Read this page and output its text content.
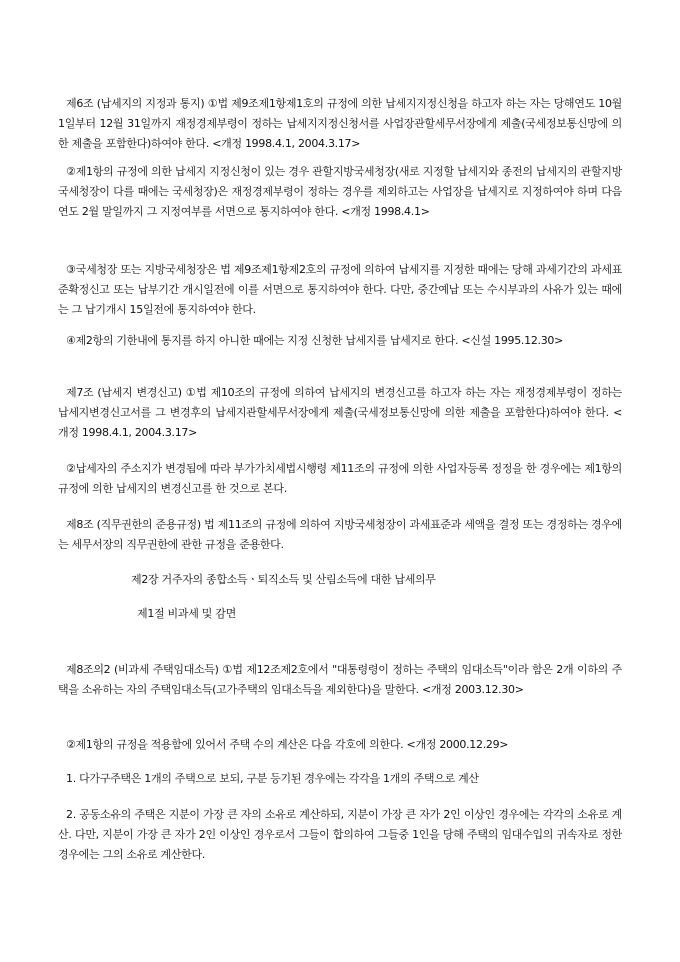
제6조 (납세지의 지정과 통지) ①법 제9조제1항제1호의 규정에 의한 납세지지정신청을 하고자 하는 자는 당해연도 10월 1일부터 12월 31일까지 재정경제부령이 정하는 납세지지정신청서를 사업장관할세무서장에게 제출(국세정보통신망에 의한 제출을 포함한다)하여야 한다. <개정 1998.4.1, 2004.3.17>

②제1항의 규정에 의한 납세지 지정신청이 있는 경우 관할지방국세청장(새로 지정할 납세지와 종전의 납세지의 관할지방국세청장이 다를 때에는 국세청장)은 재정경제부령이 정하는 경우를 제외하고는 사업장을 납세지로 지정하여야 하며 다음연도 2월 말일까지 그 지정여부를 서면으로 통지하여야 한다. <개정 1998.4.1>

③국세청장 또는 지방국세청장은 법 제9조제1항제2호의 규정에 의하여 납세지를 지정한 때에는 당해 과세기간의 과세표준확정신고 또는 납부기간 개시일전에 이를 서면으로 통지하여야 한다. 다만, 중간예납 또는 수시부과의 사유가 있는 때에는 그 납기개시 15일전에 통지하여야 한다.

④제2항의 기한내에 통지를 하지 아니한 때에는 지정 신청한 납세지를 납세지로 한다. <신설 1995.12.30>

제7조 (납세지 변경신고) ①법 제10조의 규정에 의하여 납세지의 변경신고를 하고자 하는 자는 재정경제부령이 정하는 납세지변경신고서를 그 변경후의 납세지관할세무서장에게 제출(국세정보통신망에 의한 제출을 포함한다)하여야 한다. <개정 1998.4.1, 2004.3.17>

②납세자의 주소지가 변경됨에 따라 부가가치세법시행령 제11조의 규정에 의한 사업자등록 정정을 한 경우에는 제1항의 규정에 의한 납세지의 변경신고를 한 것으로 본다.

제8조 (직무권한의 준용규정) 법 제11조의 규정에 의하여 지방국세청장이 과세표준과 세액을 결정 또는 경정하는 경우에는 세무서장의 직무권한에 관한 규정을 준용한다.

제2장 거주자의 종합소득ㆍ퇴직소득 및 산림소득에 대한 납세의무
제1절 비과세 및 감면

제8조의2 (비과세 주택임대소득) ①법 제12조제2호에서 "대통령령이 정하는 주택의 임대소득"이라 함은 2개 이하의 주택을 소유하는 자의 주택임대소득(고가주택의 임대소득을 제외한다)을 말한다. <개정 2003.12.30>

②제1항의 규정을 적용함에 있어서 주택 수의 계산은 다음 각호에 의한다. <개정 2000.12.29>

1. 다가구주택은 1개의 주택으로 보되, 구분 등기된 경우에는 각각을 1개의 주택으로 계산

2. 공동소유의 주택은 지분이 가장 큰 자의 소유로 계산하되, 지분이 가장 큰 자가 2인 이상인 경우에는 각각의 소유로 계산. 다만, 지분이 가장 큰 자가 2인 이상인 경우로서 그들이 합의하여 그들중 1인을 당해 주택의 임대수입의 귀속자로 정한 경우에는 그의 소유로 계산한다.
